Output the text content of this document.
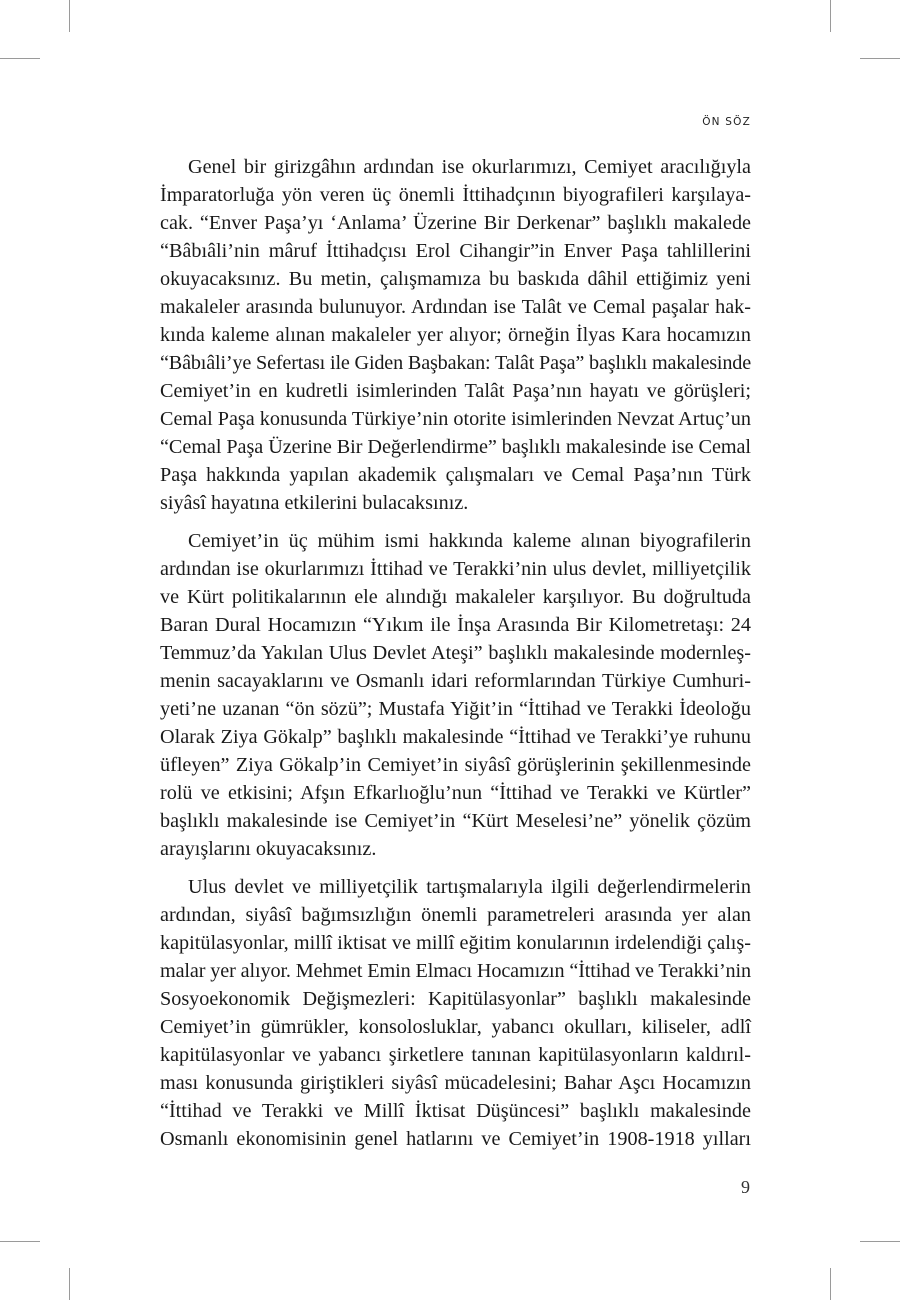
ÖN SÖZ

Genel bir girizgâhın ardından ise okurlarımızı, Cemiyet aracılığıyla
İmparatorluğa yön veren üç önemli İttihadçının biyografileri karşılaya-
cak. “Enver Paşa’yı ‘Anlama’ Üzerine Bir Derkenar” başlıklı makalede
“Bâbıâli’nin mâruf İttihadçısı Erol Cihangir”in Enver Paşa tahlillerini
okuyacaksınız. Bu metin, çalışmamıza bu baskıda dâhil ettiğimiz yeni
makaleler arasında bulunuyor. Ardından ise Talât ve Cemal paşalar hak-
kında kaleme alınan makaleler yer alıyor; örneğin İlyas Kara hocamızın
“Bâbıâli’ye Sefertası ile Giden Başbakan: Talât Paşa” başlıklı makalesinde
Cemiyet’in en kudretli isimlerinden Talât Paşa’nın hayatı ve görüşleri;
Cemal Paşa konusunda Türkiye’nin otorite isimlerinden Nevzat Artuç’un
“Cemal Paşa Üzerine Bir Değerlendirme” başlıklı makalesinde ise Cemal
Paşa hakkında yapılan akademik çalışmaları ve Cemal Paşa’nın Türk
siyâsî hayatına etkilerini bulacaksınız.

Cemiyet’in üç mühim ismi hakkında kaleme alınan biyografilerin
ardından ise okurlarımızı İttihad ve Terakki’nin ulus devlet, milliyetçilik
ve Kürt politikalarının ele alındığı makaleler karşılıyor. Bu doğrultuda
Baran Dural Hocamızın “Yıkım ile İnşa Arasında Bir Kilometretaşı: 24
Temmuz’da Yakılan Ulus Devlet Ateşi” başlıklı makalesinde modernleş-
menin sacayaklarını ve Osmanlı idari reformlarından Türkiye Cumhuri-
yeti’ne uzanan “ön sözü”; Mustafa Yiğit’in “İttihad ve Terakki İdeoloğu
Olarak Ziya Gökalp” başlıklı makalesinde “İttihad ve Terakki’ye ruhunu
üfleyen” Ziya Gökalp’in Cemiyet’in siyâsî görüşlerinin şekillenmesinde
rolü ve etkisini; Afşın Efkarlıoğlu’nun “İttihad ve Terakki ve Kürtler”
başlıklı makalesinde ise Cemiyet’in “Kürt Meselesi’ne” yönelik çözüm
arayışlarını okuyacaksınız.

Ulus devlet ve milliyetçilik tartışmalarıyla ilgili değerlendirmelerin
ardından, siyâsî bağımsızlığın önemli parametreleri arasında yer alan
kapitülasyonlar, millî iktisat ve millî eğitim konularının irdelendiği çalış-
malar yer alıyor. Mehmet Emin Elmacı Hocamızın “İttihad ve Terakki’nin
Sosyoekonomik Değişmezleri: Kapitülasyonlar” başlıklı makalesinde
Cemiyet’in gümrükler, konsolosluklar, yabancı okulları, kiliseler, adlî
kapitülasyonlar ve yabancı şirketlere tanınan kapitülasyonların kaldırıl-
ması konusunda giriştikleri siyâsî mücadelesini; Bahar Aşcı Hocamızın
“İttihad ve Terakki ve Millî İktisat Düşüncesi” başlıklı makalesinde
Osmanlı ekonomisinin genel hatlarını ve Cemiyet’in 1908-1918 yılları

9
